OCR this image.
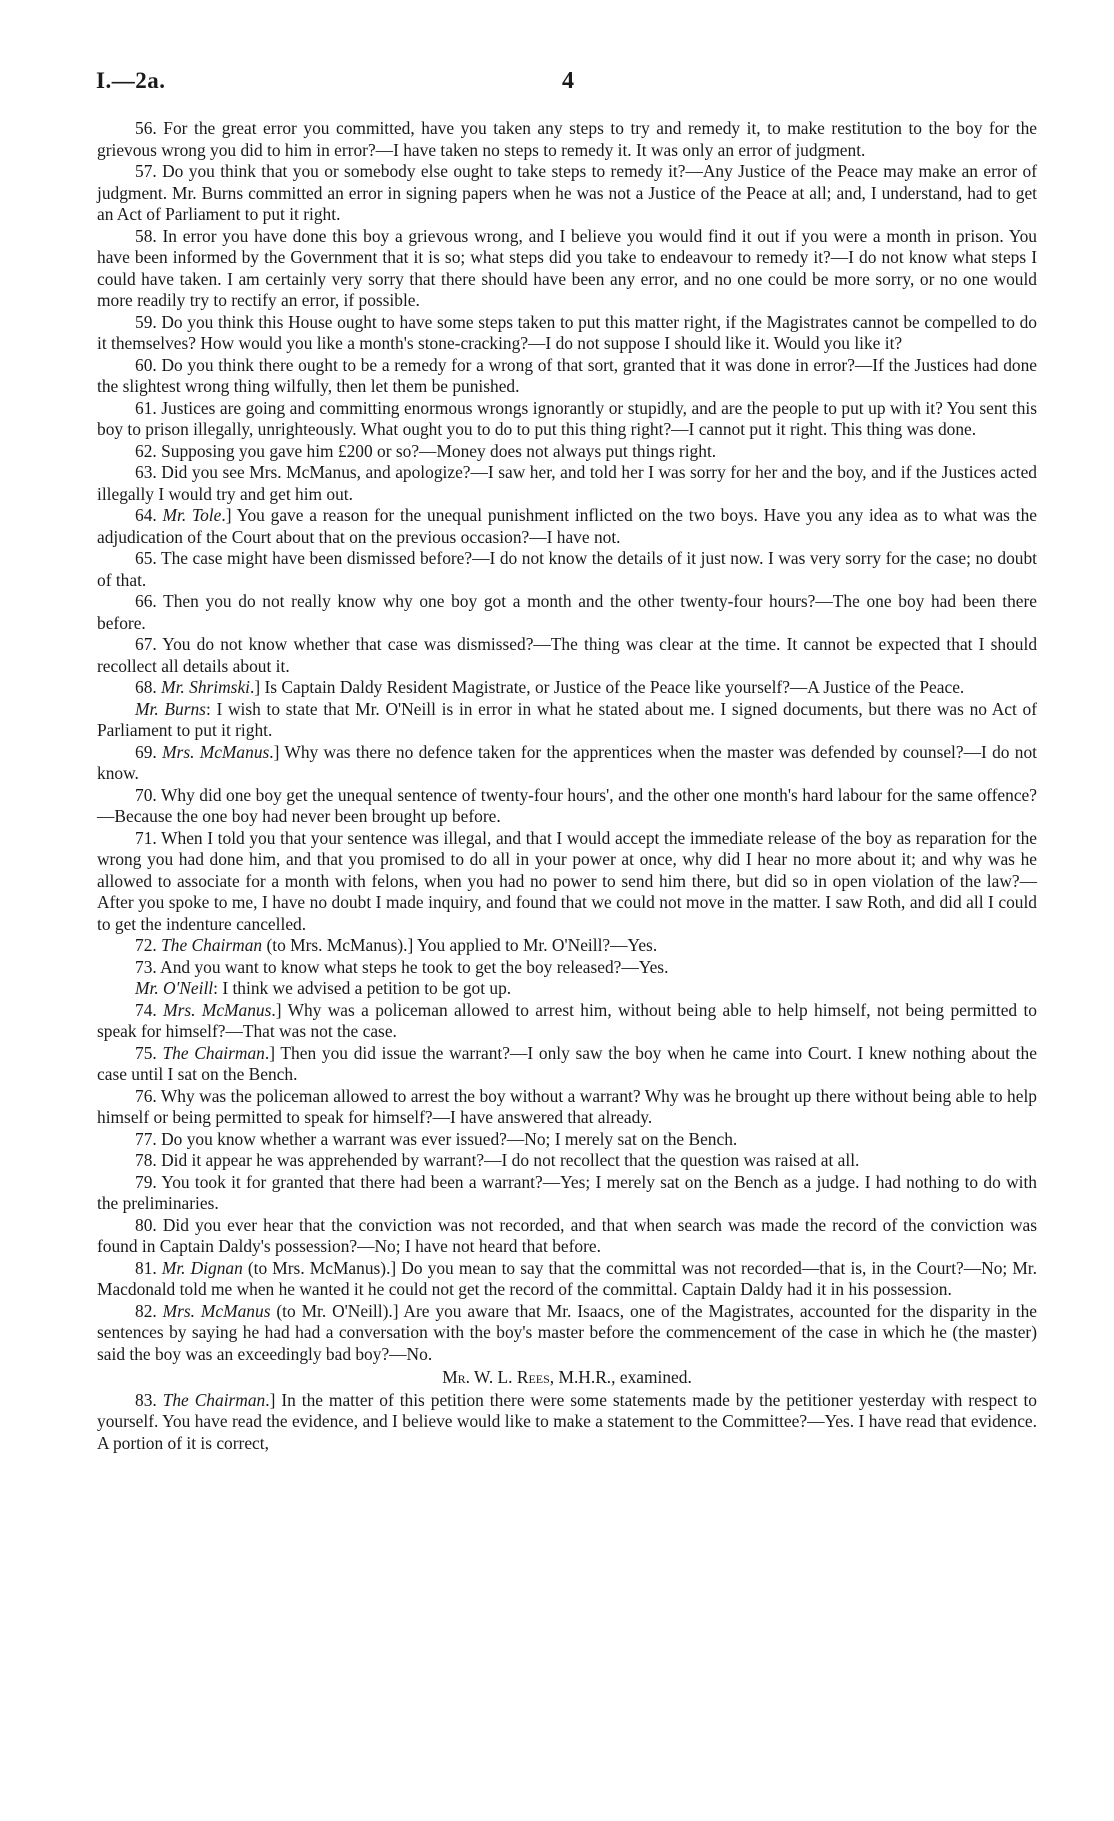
I.—2a.	4

56. For the great error you committed, have you taken any steps to try and remedy it, to make restitution to the boy for the grievous wrong you did to him in error?—I have taken no steps to remedy it. It was only an error of judgment.

57. Do you think that you or somebody else ought to take steps to remedy it?—Any Justice of the Peace may make an error of judgment. Mr. Burns committed an error in signing papers when he was not a Justice of the Peace at all; and, I understand, had to get an Act of Parliament to put it right.

58. In error you have done this boy a grievous wrong, and I believe you would find it out if you were a month in prison. You have been informed by the Government that it is so; what steps did you take to endeavour to remedy it?—I do not know what steps I could have taken. I am certainly very sorry that there should have been any error, and no one could be more sorry, or no one would more readily try to rectify an error, if possible.

59. Do you think this House ought to have some steps taken to put this matter right, if the Magistrates cannot be compelled to do it themselves? How would you like a month's stone-cracking?—I do not suppose I should like it. Would you like it?

60. Do you think there ought to be a remedy for a wrong of that sort, granted that it was done in error?—If the Justices had done the slightest wrong thing wilfully, then let them be punished.

61. Justices are going and committing enormous wrongs ignorantly or stupidly, and are the people to put up with it? You sent this boy to prison illegally, unrighteously. What ought you to do to put this thing right?—I cannot put it right. This thing was done.

62. Supposing you gave him £200 or so?—Money does not always put things right.

63. Did you see Mrs. McManus, and apologize?—I saw her, and told her I was sorry for her and the boy, and if the Justices acted illegally I would try and get him out.

64. Mr. Tole.] You gave a reason for the unequal punishment inflicted on the two boys. Have you any idea as to what was the adjudication of the Court about that on the previous occasion?—I have not.

65. The case might have been dismissed before?—I do not know the details of it just now. I was very sorry for the case; no doubt of that.

66. Then you do not really know why one boy got a month and the other twenty-four hours?—The one boy had been there before.

67. You do not know whether that case was dismissed?—The thing was clear at the time. It cannot be expected that I should recollect all details about it.

68. Mr. Shrimski.] Is Captain Daldy Resident Magistrate, or Justice of the Peace like yourself?—A Justice of the Peace.

Mr. Burns: I wish to state that Mr. O'Neill is in error in what he stated about me. I signed documents, but there was no Act of Parliament to put it right.

69. Mrs. McManus.] Why was there no defence taken for the apprentices when the master was defended by counsel?—I do not know.

70. Why did one boy get the unequal sentence of twenty-four hours', and the other one month's hard labour for the same offence?—Because the one boy had never been brought up before.

71. When I told you that your sentence was illegal, and that I would accept the immediate release of the boy as reparation for the wrong you had done him, and that you promised to do all in your power at once, why did I hear no more about it; and why was he allowed to associate for a month with felons, when you had no power to send him there, but did so in open violation of the law?—After you spoke to me, I have no doubt I made inquiry, and found that we could not move in the matter. I saw Roth, and did all I could to get the indenture cancelled.

72. The Chairman (to Mrs. McManus).] You applied to Mr. O'Neill?—Yes.

73. And you want to know what steps he took to get the boy released?—Yes.

Mr. O'Neill: I think we advised a petition to be got up.

74. Mrs. McManus.] Why was a policeman allowed to arrest him, without being able to help himself, not being permitted to speak for himself?—That was not the case.

75. The Chairman.] Then you did issue the warrant?—I only saw the boy when he came into Court. I knew nothing about the case until I sat on the Bench.

76. Why was the policeman allowed to arrest the boy without a warrant? Why was he brought up there without being able to help himself or being permitted to speak for himself?—I have answered that already.

77. Do you know whether a warrant was ever issued?—No; I merely sat on the Bench.

78. Did it appear he was apprehended by warrant?—I do not recollect that the question was raised at all.

79. You took it for granted that there had been a warrant?—Yes; I merely sat on the Bench as a judge. I had nothing to do with the preliminaries.

80. Did you ever hear that the conviction was not recorded, and that when search was made the record of the conviction was found in Captain Daldy's possession?—No; I have not heard that before.

81. Mr. Dignan (to Mrs. McManus).] Do you mean to say that the committal was not recorded—that is, in the Court?—No; Mr. Macdonald told me when he wanted it he could not get the record of the committal. Captain Daldy had it in his possession.

82. Mrs. McManus (to Mr. O'Neill).] Are you aware that Mr. Isaacs, one of the Magistrates, accounted for the disparity in the sentences by saying he had had a conversation with the boy's master before the commencement of the case in which he (the master) said the boy was an exceedingly bad boy?—No.

Mr. W. L. Rees, M.H.R., examined.

83. The Chairman.] In the matter of this petition there were some statements made by the petitioner yesterday with respect to yourself. You have read the evidence, and I believe would like to make a statement to the Committee?—Yes. I have read that evidence. A portion of it is correct,
